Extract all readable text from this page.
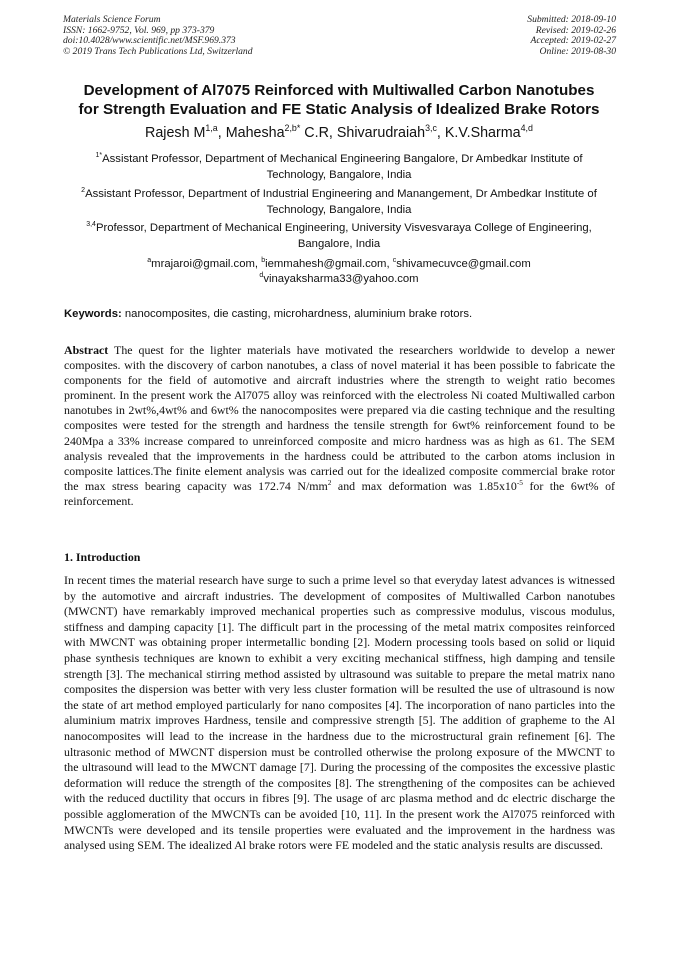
Materials Science Forum
ISSN: 1662-9752, Vol. 969, pp 373-379
doi:10.4028/www.scientific.net/MSF.969.373
© 2019 Trans Tech Publications Ltd, Switzerland
Submitted: 2018-09-10
Revised: 2019-02-26
Accepted: 2019-02-27
Online: 2019-08-30
Development of Al7075 Reinforced with Multiwalled Carbon Nanotubes
for Strength Evaluation and FE Static Analysis of Idealized Brake Rotors
Rajesh M$^{1,a}$, Mahesha$^{2,b*}$ C.R, Shivarudraiah$^{3,c}$, K.V.Sharma$^{4,d}$
$^{1*}$Assistant Professor, Department of Mechanical Engineering Bangalore, Dr Ambedkar Institute of Technology, Bangalore, India
$^2$Assistant Professor, Department of Industrial Engineering and Manangement, Dr Ambedkar Institute of Technology, Bangalore, India
$^{3,4}$Professor, Department of Mechanical Engineering, University Visvesvaraya College of Engineering, Bangalore, India
$^a$mrajaroi@gmail.com, $^b$iemmahesh@gmail.com, $^c$shivamecuvce@gmail.com
$^d$vinayaksharma33@yahoo.com
Keywords: nanocomposites, die casting, microhardness, aluminium brake rotors.
Abstract The quest for the lighter materials have motivated the researchers worldwide to develop a newer composites. with the discovery of carbon nanotubes, a class of novel material it has been possible to fabricate the components for the field of automotive and aircraft industries where the strength to weight ratio becomes prominent. In the present work the Al7075 alloy was reinforced with the electroless Ni coated Multiwalled carbon nanotubes in 2wt%,4wt% and 6wt% the nanocomposites were prepared via die casting technique and the resulting composites were tested for the strength and hardness the tensile strength for 6wt% reinforcement found to be 240Mpa a 33% increase compared to unreinforced composite and micro hardness was as high as 61. The SEM analysis revealed that the improvements in the hardness could be attributed to the carbon atoms inclusion in composite lattices.The finite element analysis was carried out for the idealized composite commercial brake rotor the max stress bearing capacity was 172.74 $N/mm^2$ and max deformation was $1.85x10^{-5}$ for the 6wt% of reinforcement.
1. Introduction
In recent times the material research have surge to such a prime level so that everyday latest advances is witnessed by the automotive and aircraft industries. The development of composites of Multiwalled Carbon nanotubes (MWCNT) have remarkably improved mechanical properties such as compressive modulus, viscous modulus, stiffness and damping capacity [1]. The difficult part in the processing of the metal matrix composites reinforced with MWCNT was obtaining proper intermetallic bonding [2]. Modern processing tools based on solid or liquid phase synthesis techniques are known to exhibit a very exciting mechanical stiffness, high damping and tensile strength [3]. The mechanical stirring method assisted by ultrasound was suitable to prepare the metal matrix nano composites the dispersion was better with very less cluster formation will be resulted the use of ultrasound is now the state of art method employed particularly for nano composites [4]. The incorporation of nano particles into the aluminium matrix improves Hardness, tensile and compressive strength [5]. The addition of grapheme to the Al nanocomposites will lead to the increase in the hardness due to the microstructural grain refinement [6]. The ultrasonic method of MWCNT dispersion must be controlled otherwise the prolong exposure of the MWCNT to the ultrasound will lead to the MWCNT damage [7]. During the processing of the composites the excessive plastic deformation will reduce the strength of the composites [8]. The strengthening of the composites can be achieved with the reduced ductility that occurs in fibres [9]. The usage of arc plasma method and dc electric discharge the possible agglomeration of the MWCNTs can be avoided [10, 11]. In the present work the Al7075 reinforced with MWCNTs were developed and its tensile properties were evaluated and the improvement in the hardness was analysed using SEM. The idealized Al brake rotors were FE modeled and the static analysis results are discussed.
